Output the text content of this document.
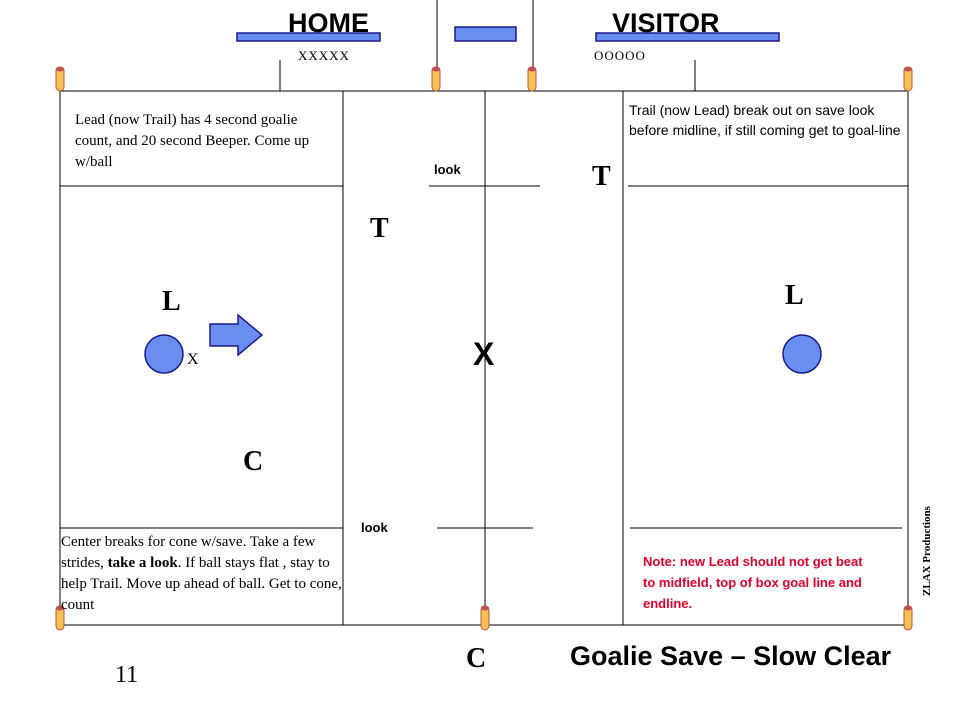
HOME	VISITOR
XXXXX	OOOOO
Lead (now Trail) has 4 second goalie count, and 20 second Beeper. Come up w/ball
Trail (now Lead) break out on save look before midline, if still coming get to goal-line
Center breaks for cone w/save. Take a few strides, take a look. If ball stays flat , stay to help Trail. Move up ahead of ball. Get to cone, count
Note: new Lead should not get beat to midfield, top of box goal line and endline.
look
look
T
T
L	L
C
C
X
X
ZLAX Productions
Goalie Save – Slow Clear
11
